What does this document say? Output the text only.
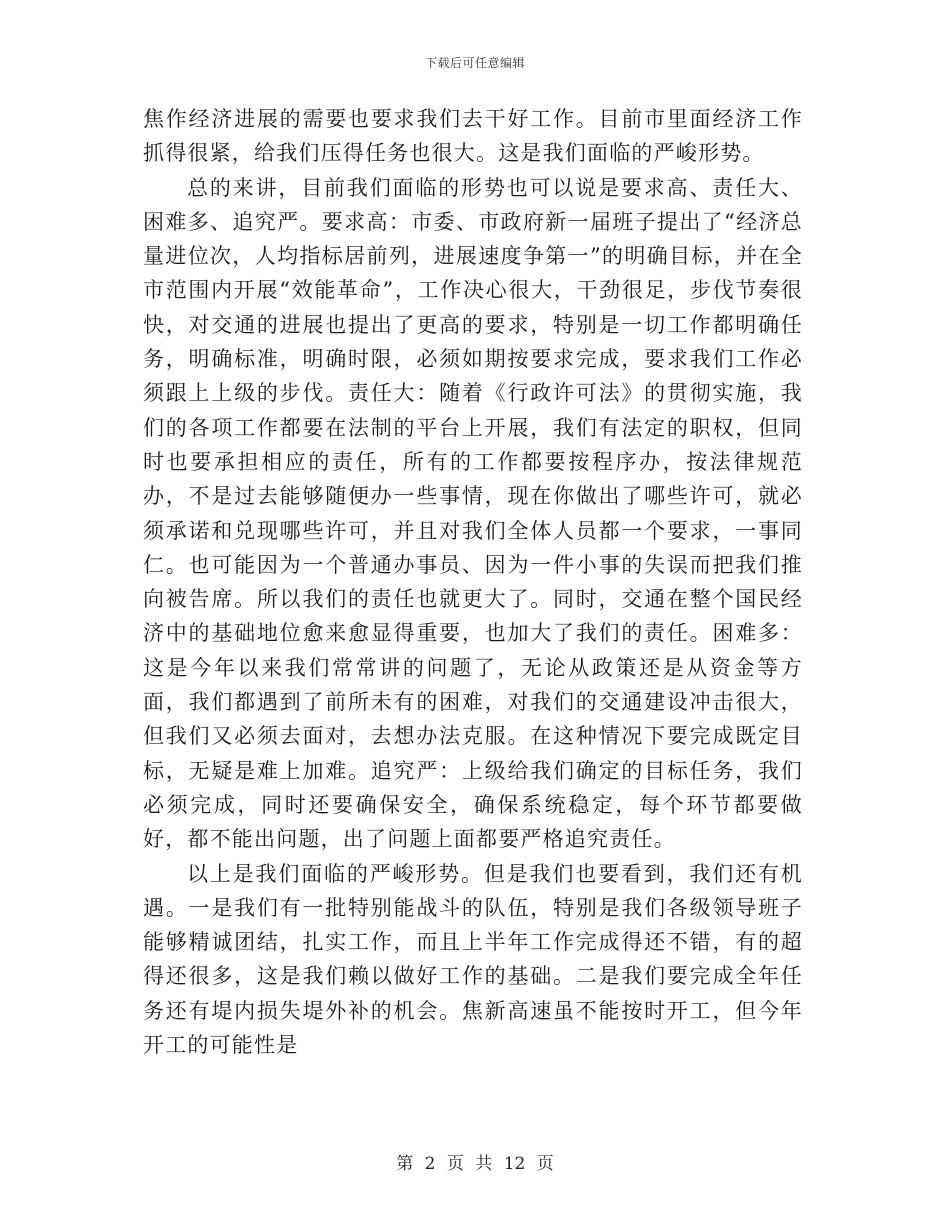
下载后可任意编辑

焦作经济进展的需要也要求我们去干好工作。目前市里面经济工作抓得很紧，给我们压得任务也很大。这是我们面临的严峻形势。

总的来讲，目前我们面临的形势也可以说是要求高、责任大、困难多、追究严。要求高：市委、市政府新一届班子提出了“经济总量进位次，人均指标居前列，进展速度争第一”的明确目标，并在全市范围内开展“效能革命”，工作决心很大，干劲很足，步伐节奏很快，对交通的进展也提出了更高的要求，特别是一切工作都明确任务，明确标准，明确时限，必须如期按要求完成，要求我们工作必须跟上上级的步伐。责任大：随着《行政许可法》的贯彻实施，我们的各项工作都要在法制的平台上开展，我们有法定的职权，但同时也要承担相应的责任，所有的工作都要按程序办，按法律规范办，不是过去能够随便办一些事情，现在你做出了哪些许可，就必须承诺和兑现哪些许可，并且对我们全体人员都一个要求，一事同仁。也可能因为一个普通办事员、因为一件小事的失误而把我们推向被告席。所以我们的责任也就更大了。同时，交通在整个国民经济中的基础地位愈来愈显得重要，也加大了我们的责任。困难多：这是今年以来我们常常讲的问题了，无论从政策还是从资金等方面，我们都遇到了前所未有的困难，对我们的交通建设冲击很大，但我们又必须去面对，去想办法克服。在这种情况下要完成既定目标，无疑是难上加难。追究严：上级给我们确定的目标任务，我们必须完成，同时还要确保安全，确保系统稳定，每个环节都要做好，都不能出问题，出了问题上面都要严格追究责任。

以上是我们面临的严峻形势。但是我们也要看到，我们还有机遇。一是我们有一批特别能战斗的队伍，特别是我们各级领导班子能够精诚团结，扎实工作，而且上半年工作完成得还不错，有的超得还很多，这是我们赖以做好工作的基础。二是我们要完成全年任务还有堤内损失堤外补的机会。焦新高速虽不能按时开工，但今年开工的可能性是

第 2 页 共 12 页
